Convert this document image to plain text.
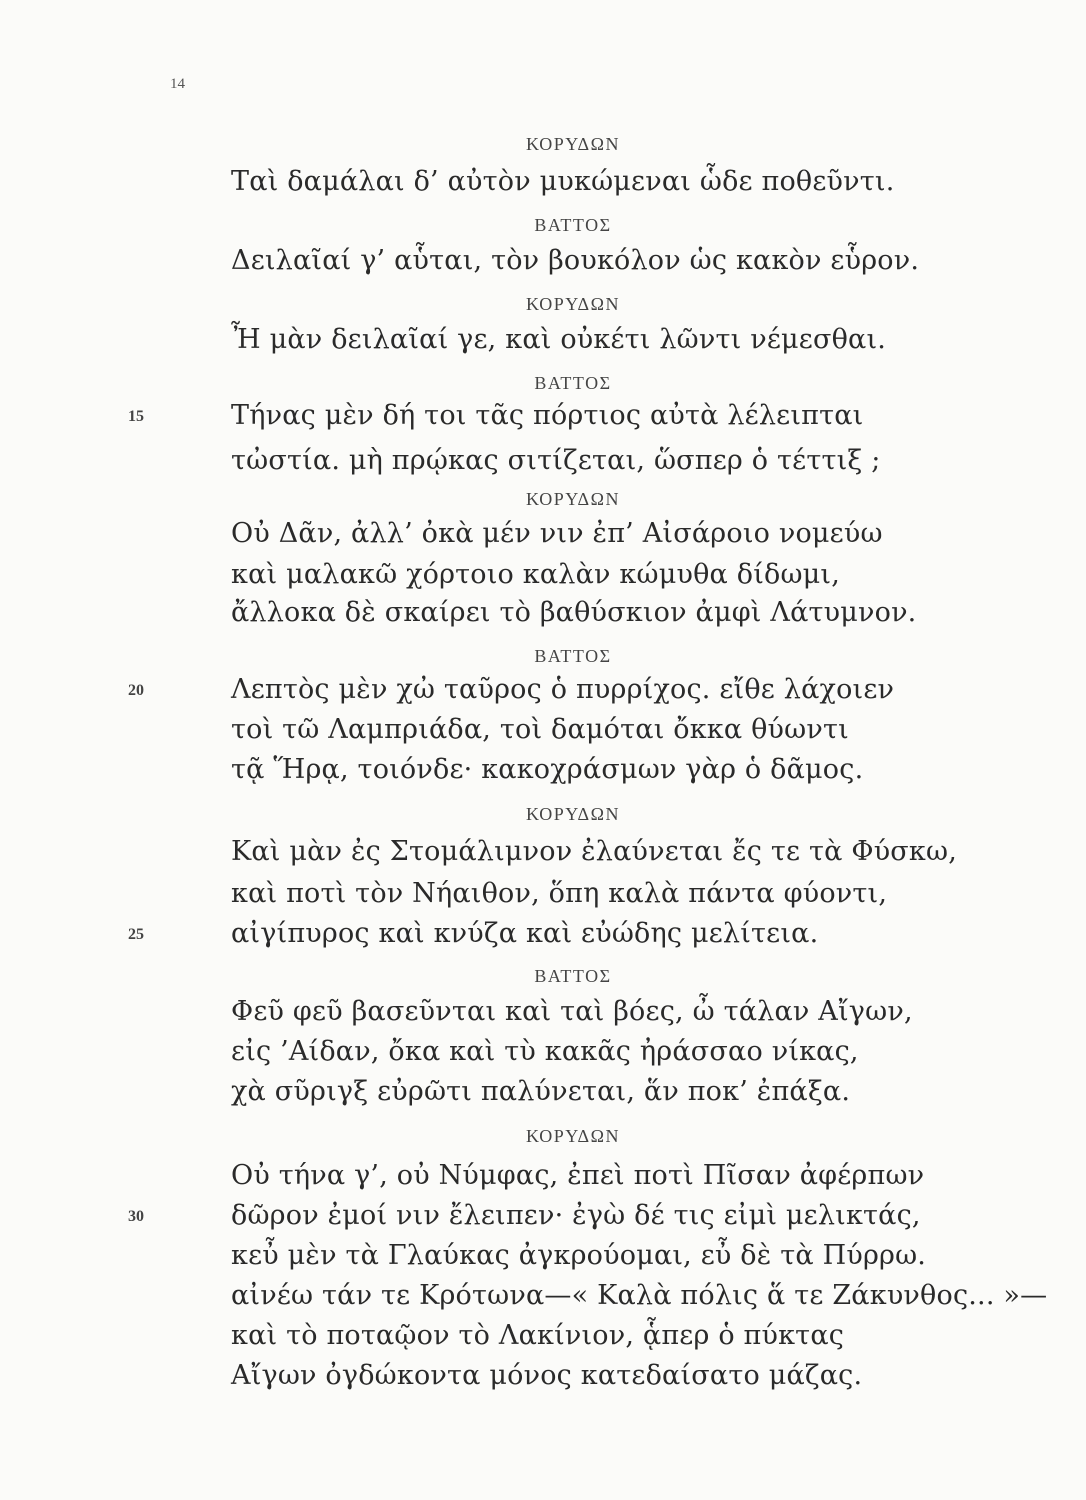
14
ΚΟΡΥΔΩΝ
Ταὶ δαμάλαι δ’ αὐτὸν μυκώμεναι ὧδε ποθεῦντι.
ΒΑΤΤΟΣ
Δειλαῖαί γ’ αὗται, τὸν βουκόλον ὡς κακὸν εὗρον.
ΚΟΡΥΔΩΝ
Ἦ μὰν δειλαῖαί γε, καὶ οὐκέτι λῶντι νέμεσθαι.
ΒΑΤΤΟΣ
Τήνας μὲν δή τοι τᾶς πόρτιος αὐτὰ λέλειπται
15
τὠστία. μὴ πρῴκας σιτίζεται, ὥσπερ ὁ τέττιξ ;
ΚΟΡΥΔΩΝ
Οὐ Δᾶν, ἀλλ’ ὀκὰ μέν νιν ἐπ’ Αἰσάροιο νομεύω
καὶ μαλακῶ χόρτοιο καλὰν κώμυθα δίδωμι,
ἄλλοκα δὲ σκαίρει τὸ βαθύσκιον ἀμφὶ Λάτυμνον.
ΒΑΤΤΟΣ
Λεπτὸς μὲν χὠ ταῦρος ὁ πυρρίχος. εἴθε λάχοιεν
20
τοὶ τῶ Λαμπριάδα, τοὶ δαμόται ὄκκα θύωντι
τᾷ Ἥρᾳ, τοιόνδε· κακοχράσμων γὰρ ὁ δᾶμος.
ΚΟΡΥΔΩΝ
Καὶ μὰν ἐς Στομάλιμνον ἐλαύνεται ἔς τε τὰ Φύσκω,
καὶ ποτὶ τὸν Νήαιθον, ὅπη καλὰ πάντα φύοντι,
αἰγίπυρος καὶ κνύζα καὶ εὐώδης μελίτεια.
25
ΒΑΤΤΟΣ
Φεῦ φεῦ βασεῦνται καὶ ταὶ βόες, ὦ τάλαν Αἴγων,
εἰς ’Αίδαν, ὄκα καὶ τὺ κακᾶς ἠράσσαο νίκας,
χὰ σῦριγξ εὐρῶτι παλύνεται, ἅν ποκ’ ἐπάξα.
ΚΟΡΥΔΩΝ
Οὐ τήνα γ’, οὐ Νύμφας, ἐπεὶ ποτὶ Πῖσαν ἀφέρπων
δῶρον ἐμοί νιν ἔλειπεν· ἐγὼ δέ τις εἰμὶ μελικτάς,
30
κεὖ μὲν τὰ Γλαύκας ἀγκρούομαι, εὖ δὲ τὰ Πύρρω.
αἰνέω τάν τε Κρότωνα—« Καλὰ πόλις ἅ τε Ζάκυνθος... »—
καὶ τὸ ποταῷον τὸ Λακίνιον, ᾇπερ ὁ πύκτας
Αἴγων ὀγδώκοντα μόνος κατεδαίσατο μάζας.
